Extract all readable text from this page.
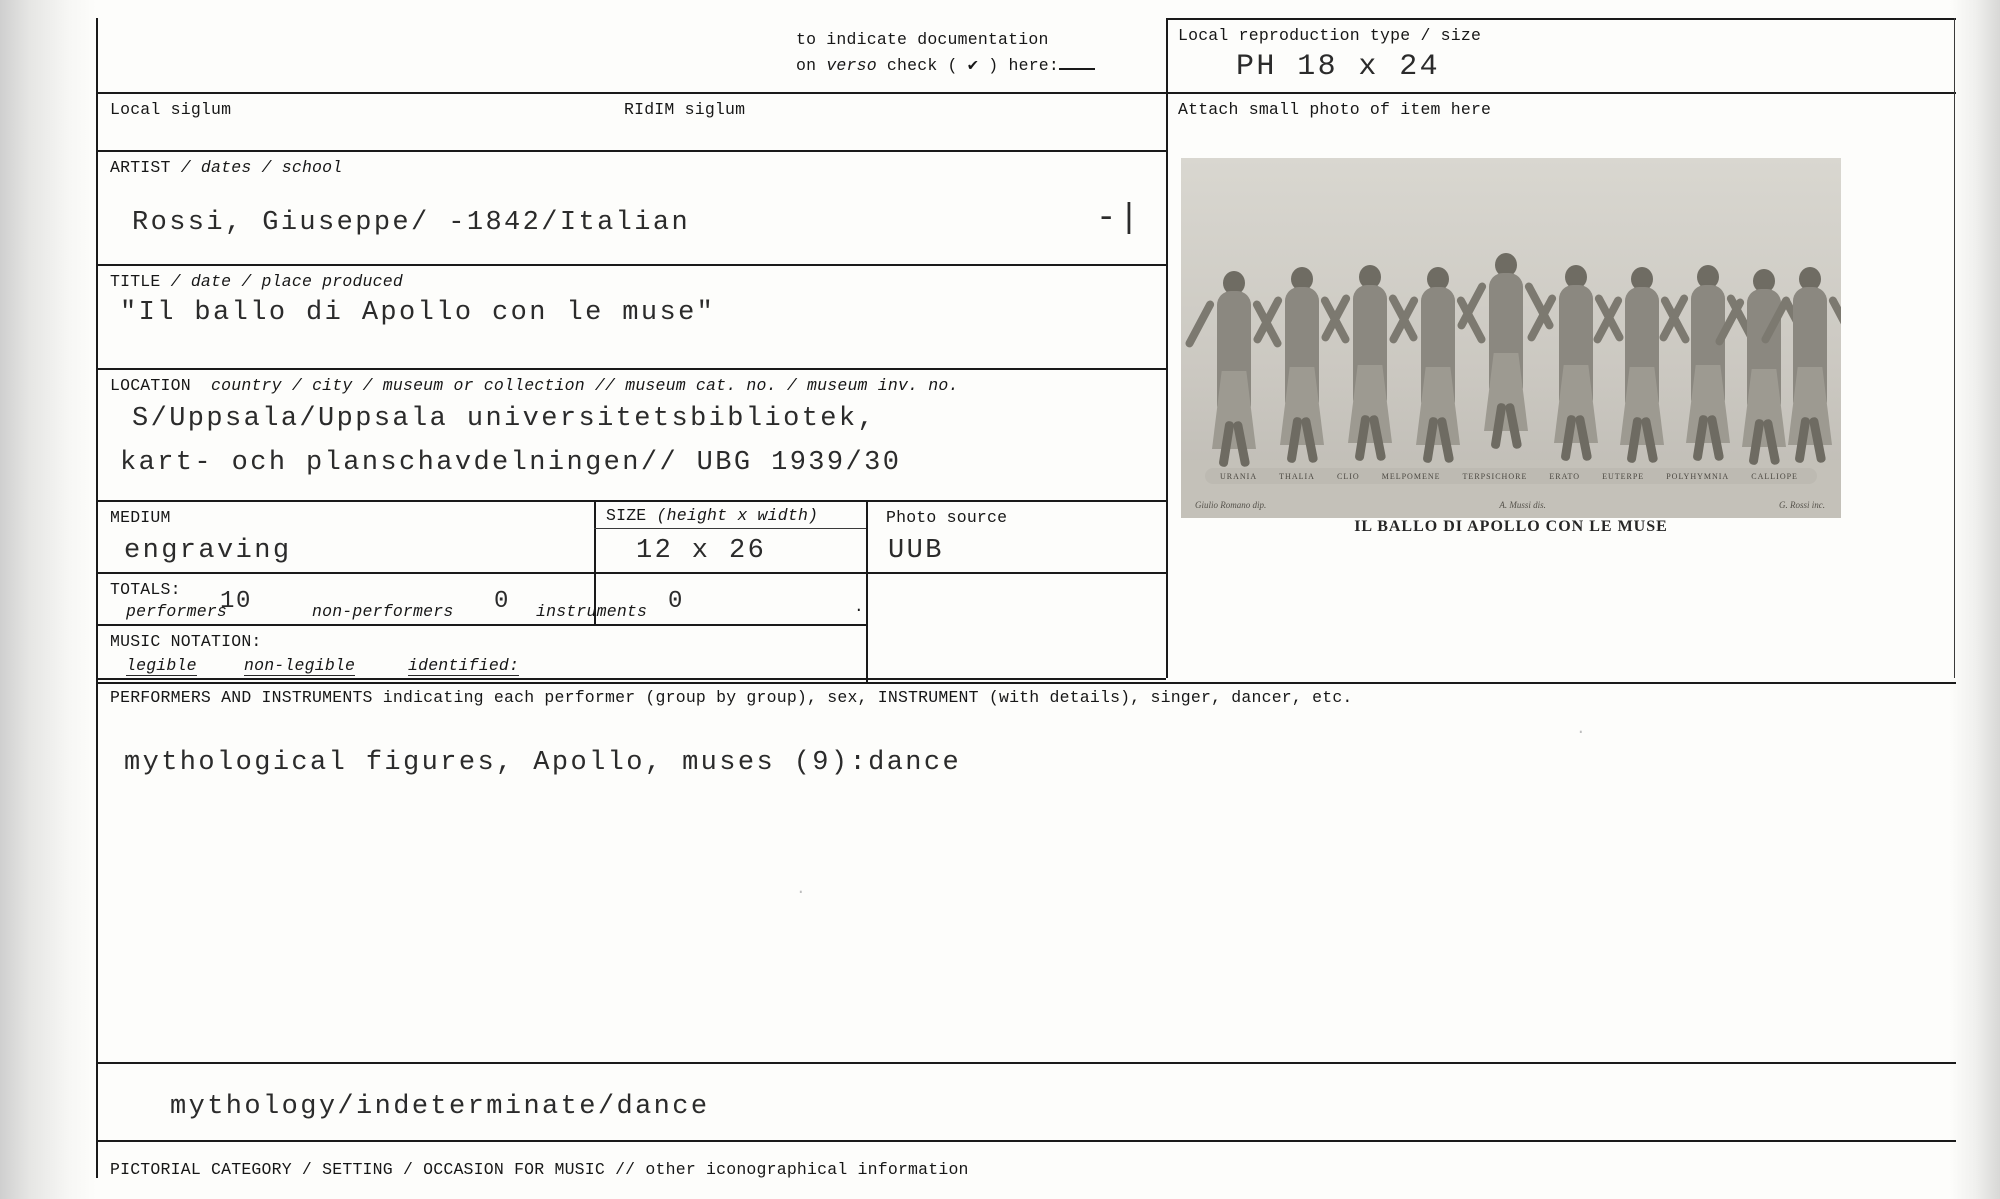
to indicate documentation
on verso check ( ✔ ) here:
Local siglum	RIdIM siglum
Local reproduction type / size
PH 18 x 24
Attach small photo of item here
ARTIST / dates / school
Rossi, Giuseppe/ -1842/Italian	-|
TITLE / date / place produced
"Il ballo di Apollo con le muse"
LOCATION country / city / museum or collection // museum cat. no. / museum inv. no.
S/Uppsala/Uppsala universitetsbibliotek,
kart- och planschavdelningen// UBG 1939/30
MEDIUM
engraving
SIZE (height x width)
12 x 26
Photo source
UUB
TOTALS:
performers
10	non-performers 0 instruments 0	.
MUSIC NOTATION:
legible	non-legible	identified:
PERFORMERS AND INSTRUMENTS indicating each performer (group by group), sex, INSTRUMENT (with details), singer, dancer, etc.
mythological figures, Apollo, muses (9):dance
.
.
mythology/indeterminate/dance
PICTORIAL CATEGORY / SETTING / OCCASION FOR MUSIC // other iconographical information
URANIA	THALIA	CLIO	MELPOMENE	TERPSICHORE	ERATO	EUTERPE	POLYHYMNIA	CALLIOPE
Giulio Romano dip.	A. Mussi dis.	G. Rossi inc.
IL BALLO DI APOLLO CON LE MUSE
